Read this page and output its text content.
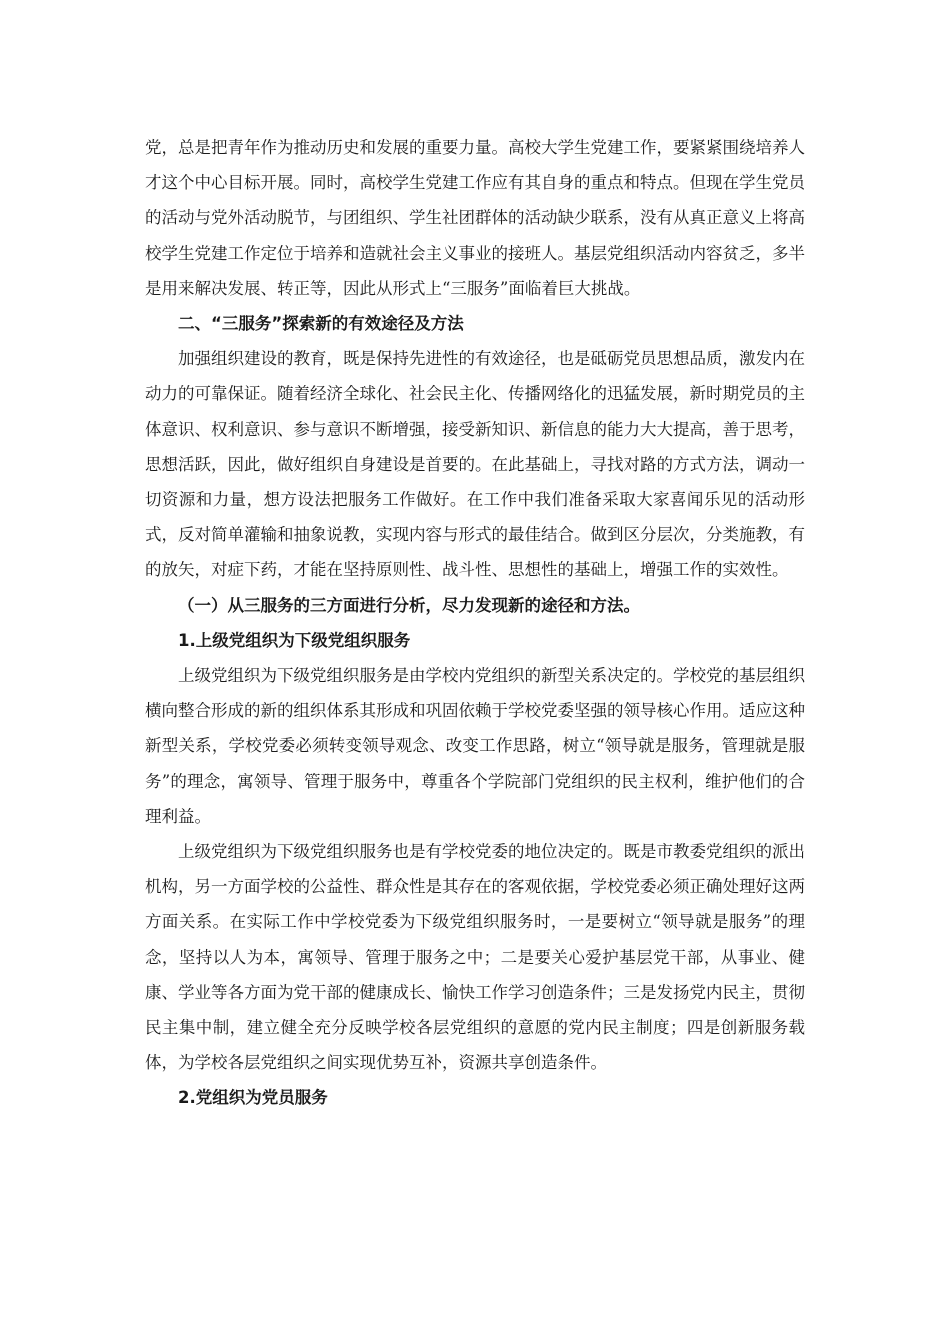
党，总是把青年作为推动历史和发展的重要力量。高校大学生党建工作，要紧紧围绕培养人才这个中心目标开展。同时，高校学生党建工作应有其自身的重点和特点。但现在学生党员的活动与党外活动脱节，与团组织、学生社团群体的活动缺少联系，没有从真正意义上将高校学生党建工作定位于培养和造就社会主义事业的接班人。基层党组织活动内容贫乏，多半是用来解决发展、转正等，因此从形式上“三服务”面临着巨大挑战。

二、“三服务”探索新的有效途径及方法

加强组织建设的教育，既是保持先进性的有效途径，也是砥砺党员思想品质，激发内在动力的可靠保证。随着经济全球化、社会民主化、传播网络化的迅猛发展，新时期党员的主体意识、权利意识、参与意识不断增强，接受新知识、新信息的能力大大提高，善于思考，思想活跃，因此，做好组织自身建设是首要的。在此基础上，寻找对路的方式方法，调动一切资源和力量，想方设法把服务工作做好。在工作中我们准备采取大家喜闻乐见的活动形式，反对简单灌输和抽象说教，实现内容与形式的最佳结合。做到区分层次，分类施教，有的放矢，对症下药，才能在坚持原则性、战斗性、思想性的基础上，增强工作的实效性。

（一）从三服务的三方面进行分析，尽力发现新的途径和方法。
1.上级党组织为下级党组织服务

上级党组织为下级党组织服务是由学校内党组织的新型关系决定的。学校党的基层组织横向整合形成的新的组织体系其形成和巩固依赖于学校党委坚强的领导核心作用。适应这种新型关系，学校党委必须转变领导观念、改变工作思路，树立“领导就是服务，管理就是服务”的理念，寓领导、管理于服务中，尊重各个学院部门党组织的民主权利，维护他们的合理利益。

上级党组织为下级党组织服务也是有学校党委的地位决定的。既是市教委党组织的派出机构，另一方面学校的公益性、群众性是其存在的客观依据，学校党委必须正确处理好这两方面关系。在实际工作中学校党委为下级党组织服务时，一是要树立“领导就是服务”的理念，坚持以人为本，寓领导、管理于服务之中；二是要关心爱护基层党干部，从事业、健康、学业等各方面为党干部的健康成长、愉快工作学习创造条件；三是发扬党内民主，贯彻民主集中制，建立健全充分反映学校各层党组织的意愿的党内民主制度；四是创新服务载体，为学校各层党组织之间实现优势互补，资源共享创造条件。

2.党组织为党员服务
